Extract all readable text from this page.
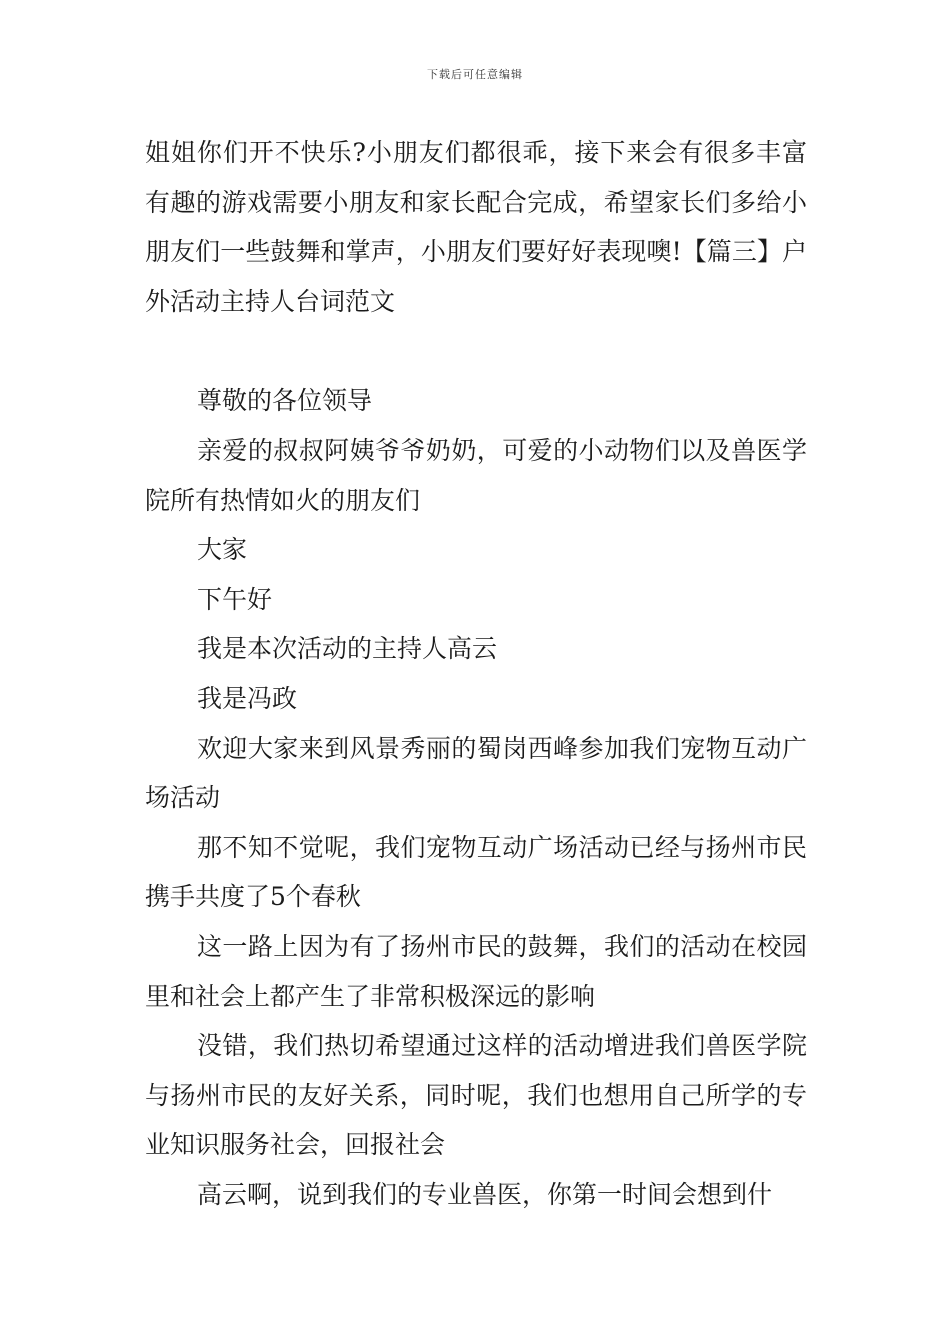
下载后可任意编辑

姐姐你们开不快乐?小朋友们都很乖，接下来会有很多丰富有趣的游戏需要小朋友和家长配合完成，希望家长们多给小朋友们一些鼓舞和掌声，小朋友们要好好表现噢!【篇三】户外活动主持人台词范文

尊敬的各位领导

亲爱的叔叔阿姨爷爷奶奶，可爱的小动物们以及兽医学院所有热情如火的朋友们

大家

下午好

我是本次活动的主持人高云

我是冯政

欢迎大家来到风景秀丽的蜀岗西峰参加我们宠物互动广场活动

那不知不觉呢，我们宠物互动广场活动已经与扬州市民携手共度了5个春秋

这一路上因为有了扬州市民的鼓舞，我们的活动在校园里和社会上都产生了非常积极深远的影响

没错，我们热切希望通过这样的活动增进我们兽医学院与扬州市民的友好关系，同时呢，我们也想用自己所学的专业知识服务社会，回报社会

高云啊，说到我们的专业兽医，你第一时间会想到什
